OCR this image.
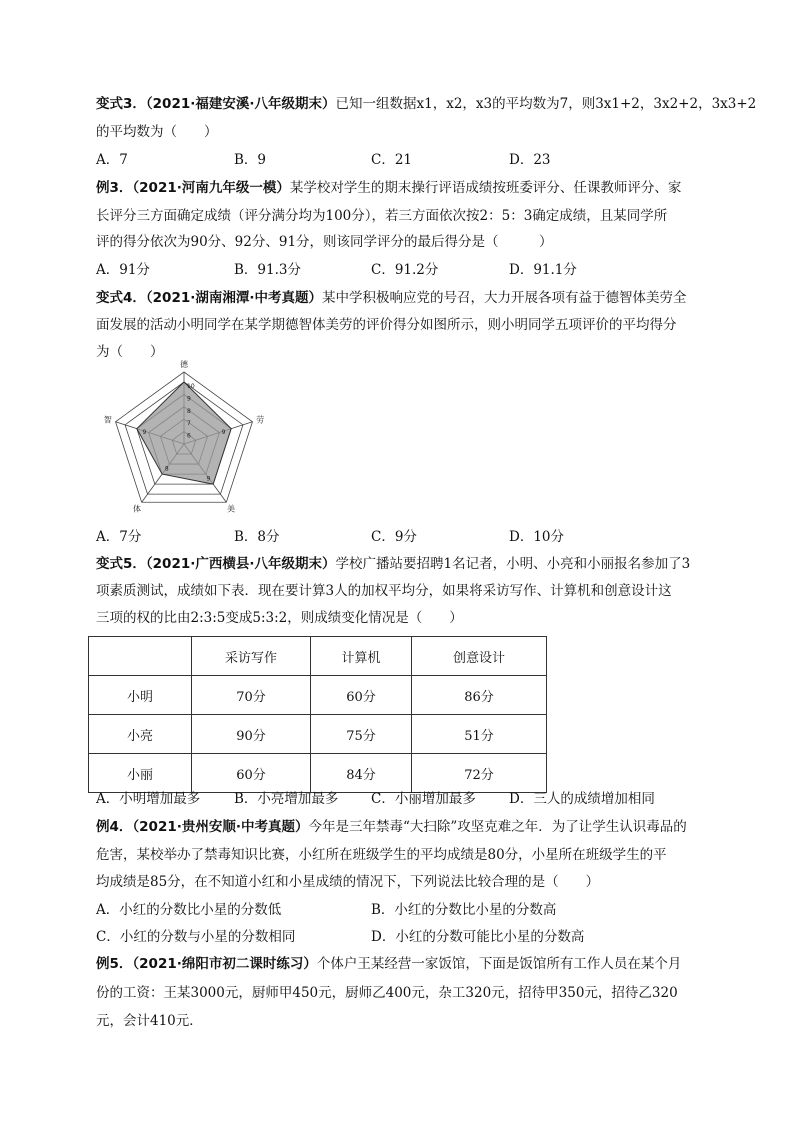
变式3．（2021·福建安溪·八年级期末）已知一组数据x1，x2，x3的平均数为7，则3x1+2，3x2+2，3x3+2
的平均数为（　　）
A．7	B．9	C．21	D．23
例3．（2021·河南九年级一模）某学校对学生的期末操行评语成绩按班委评分、任课教师评分、家
长评分三方面确定成绩（评分满分均为100分），若三方面依次按2：5：3确定成绩，且某同学所
评的得分依次为90分、92分、91分，则该同学评分的最后得分是（　　　）
A．91分	B．91.3分	C．91.2分	D．91.1分
变式4．（2021·湖南湘潭·中考真题）某中学积极响应党的号召，大力开展各项有益于德智体美劳全
面发展的活动小明同学在某学期德智体美劳的评价得分如图所示，则小明同学五项评价的平均得分
为（　　）
6
7
8
9
10
德
劳
美
体
智
9
9
8
9
A．7分	B．8分	C．9分	D．10分
变式5．（2021·广西横县·八年级期末）学校广播站要招聘1名记者，小明、小亮和小丽报名参加了3
项素质测试，成绩如下表．现在要计算3人的加权平均分，如果将采访写作、计算机和创意设计这
三项的权的比由2:3:5变成5:3:2，则成绩变化情况是（　　）
	采访写作	计算机	创意设计
小明	70分	60分	86分
小亮	90分	75分	51分
小丽	60分	84分	72分
A．小明增加最多	B．小亮增加最多 C．小丽增加最多 D．三人的成绩增加相同
例4．（2021·贵州安顺·中考真题）今年是三年禁毒“大扫除”攻坚克难之年．为了让学生认识毒品的
危害，某校举办了禁毒知识比赛，小红所在班级学生的平均成绩是80分，小星所在班级学生的平
均成绩是85分，在不知道小红和小星成绩的情况下，下列说法比较合理的是（　　）
A．小红的分数比小星的分数低	B．小红的分数比小星的分数高
C．小红的分数与小星的分数相同	D．小红的分数可能比小星的分数高
例5．（2021·绵阳市初二课时练习）个体户王某经营一家饭馆，下面是饭馆所有工作人员在某个月
份的工资：王某3000元，厨师甲450元，厨师乙400元，杂工320元，招待甲350元，招待乙320
元，会计410元．
